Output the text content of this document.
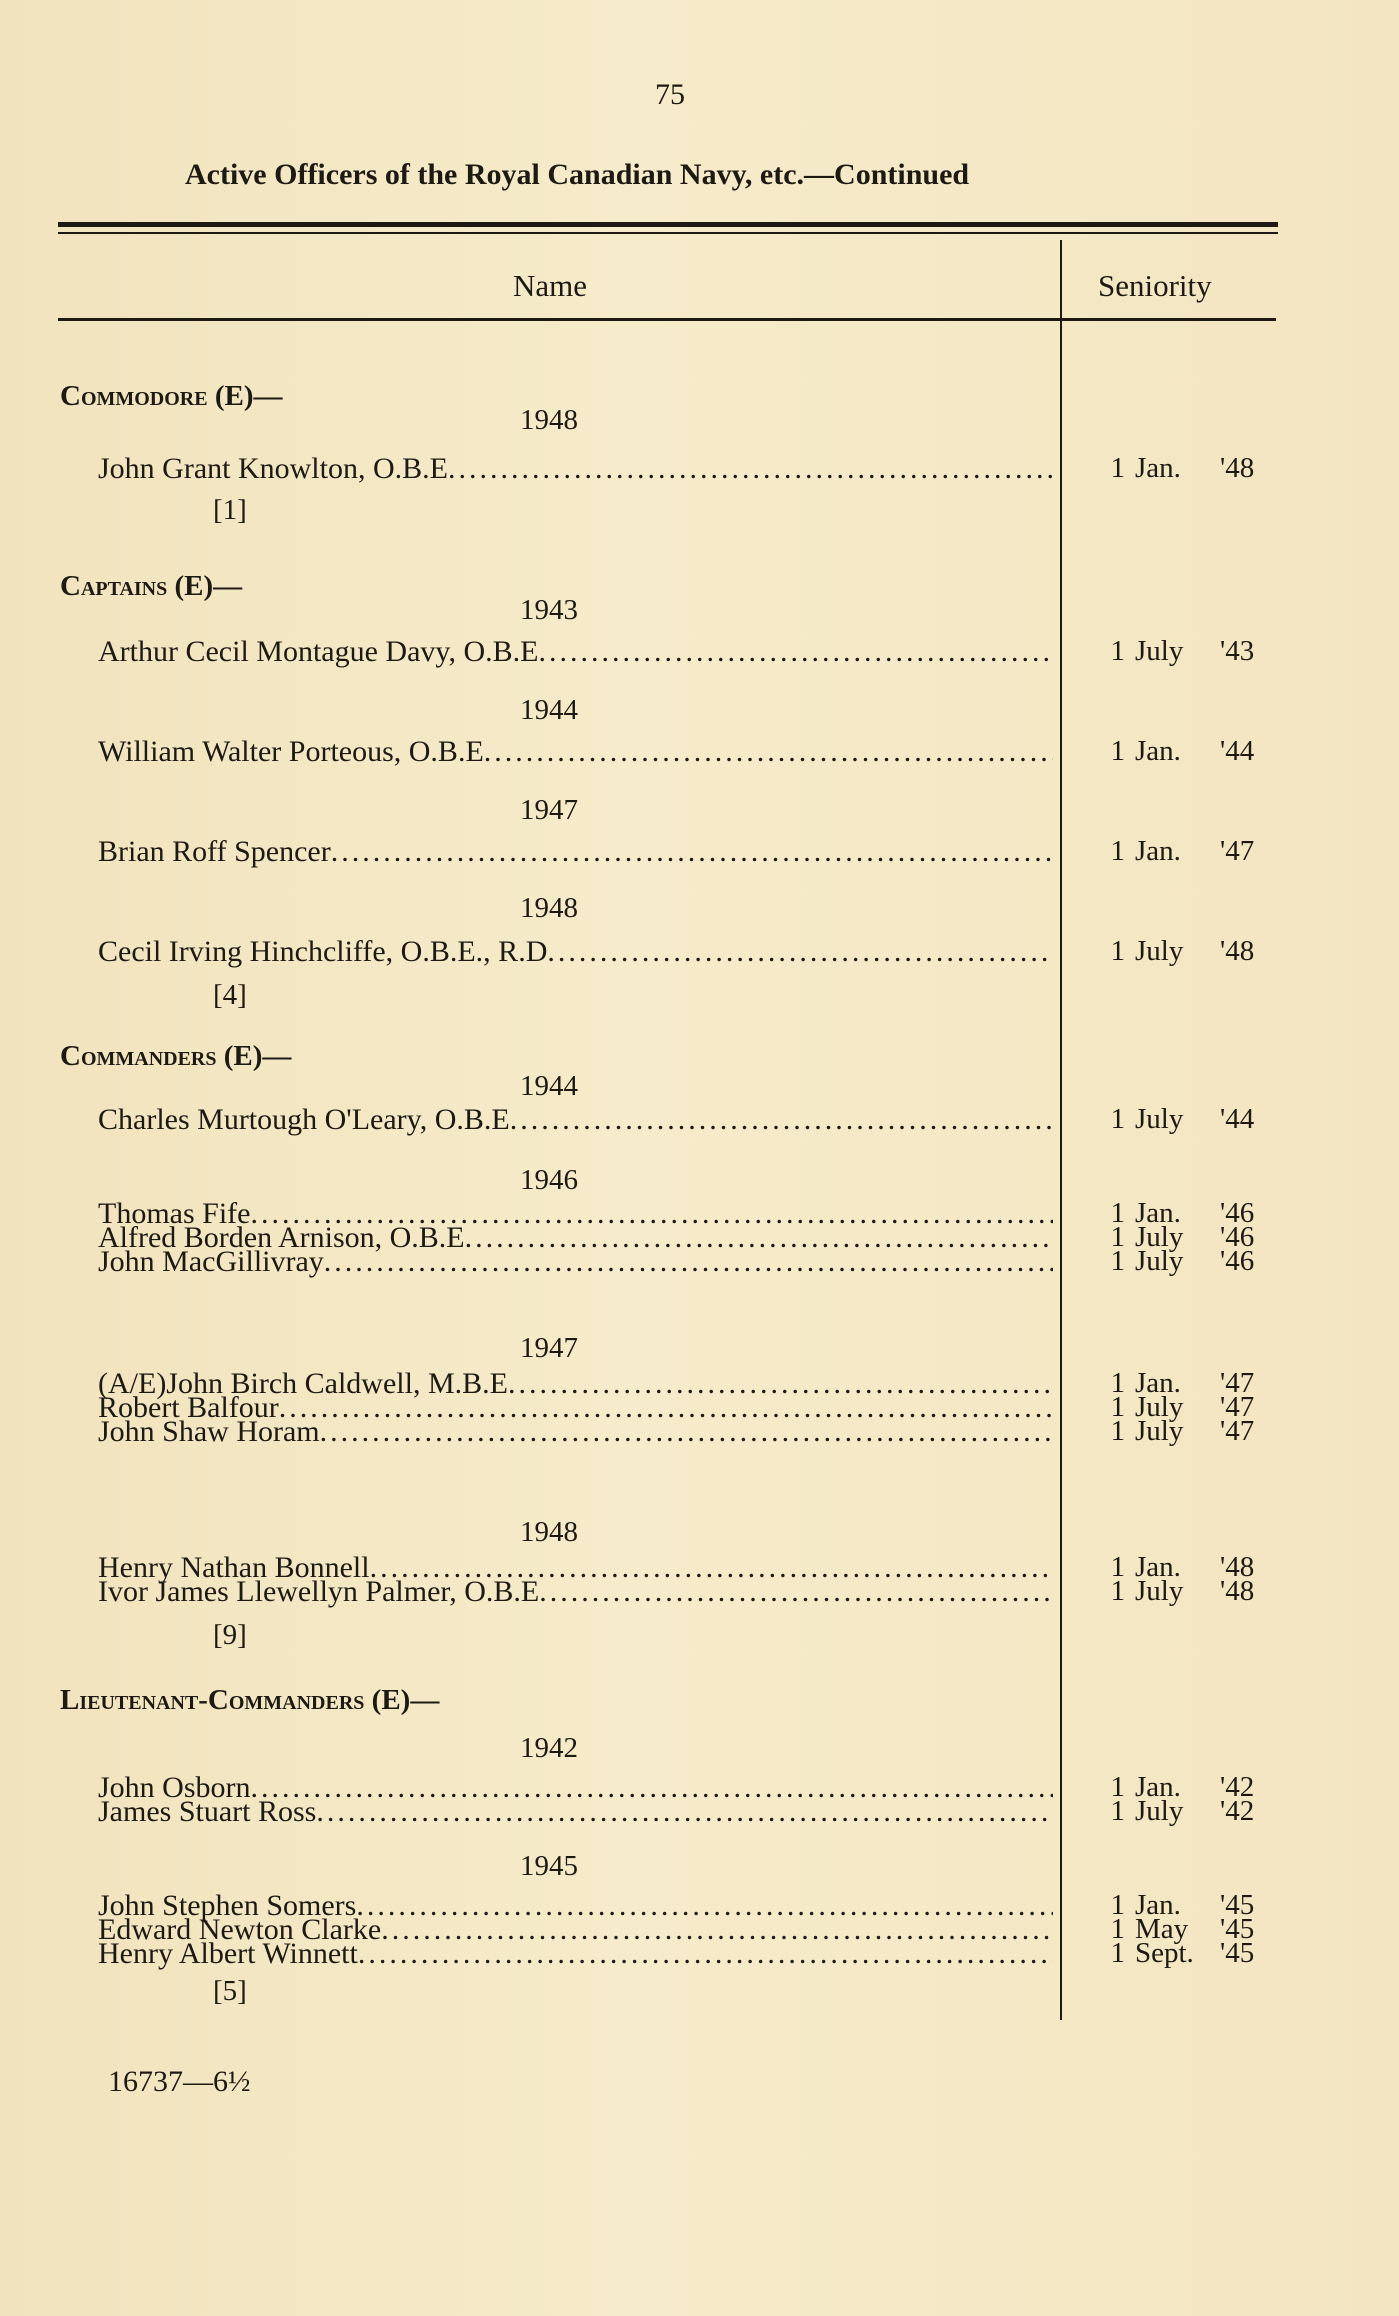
75
Active Officers of the Royal Canadian Navy, etc.—Continued
Name	Seniority
Commodore (E)—
1948
John Grant Knowlton, O.B.E .....	1 Jan. '48
[1]
Captains (E)—
1943
Arthur Cecil Montague Davy, O.B.E .....	1 July '43
1944
William Walter Porteous, O.B.E .....	1 Jan. '44
1947
Brian Roff Spencer .....	1 Jan. '47
1948
Cecil Irving Hinchcliffe, O.B.E., R.D .....	1 July '48
[4]
Commanders (E)—
1944
Charles Murtough O'Leary, O.B.E .....	1 July '44
1946
Thomas Fife .....	1 Jan. '46
Alfred Borden Arnison, O.B.E .....	1 July '46
John MacGillivray .....	1 July '46
1947
(A/E)John Birch Caldwell, M.B.E .....	1 Jan. '47
Robert Balfour .....	1 July '47
John Shaw Horam .....	1 July '47
1948
Henry Nathan Bonnell .....	1 Jan. '48
Ivor James Llewellyn Palmer, O.B.E .....	1 July '48
[9]
Lieutenant-Commanders (E)—
1942
John Osborn .....	1 Jan. '42
James Stuart Ross .....	1 July '42
1945
John Stephen Somers .....	1 Jan. '45
Edward Newton Clarke .....	1 May '45
Henry Albert Winnett .....	1 Sept. '45
[5]
16737—6½
